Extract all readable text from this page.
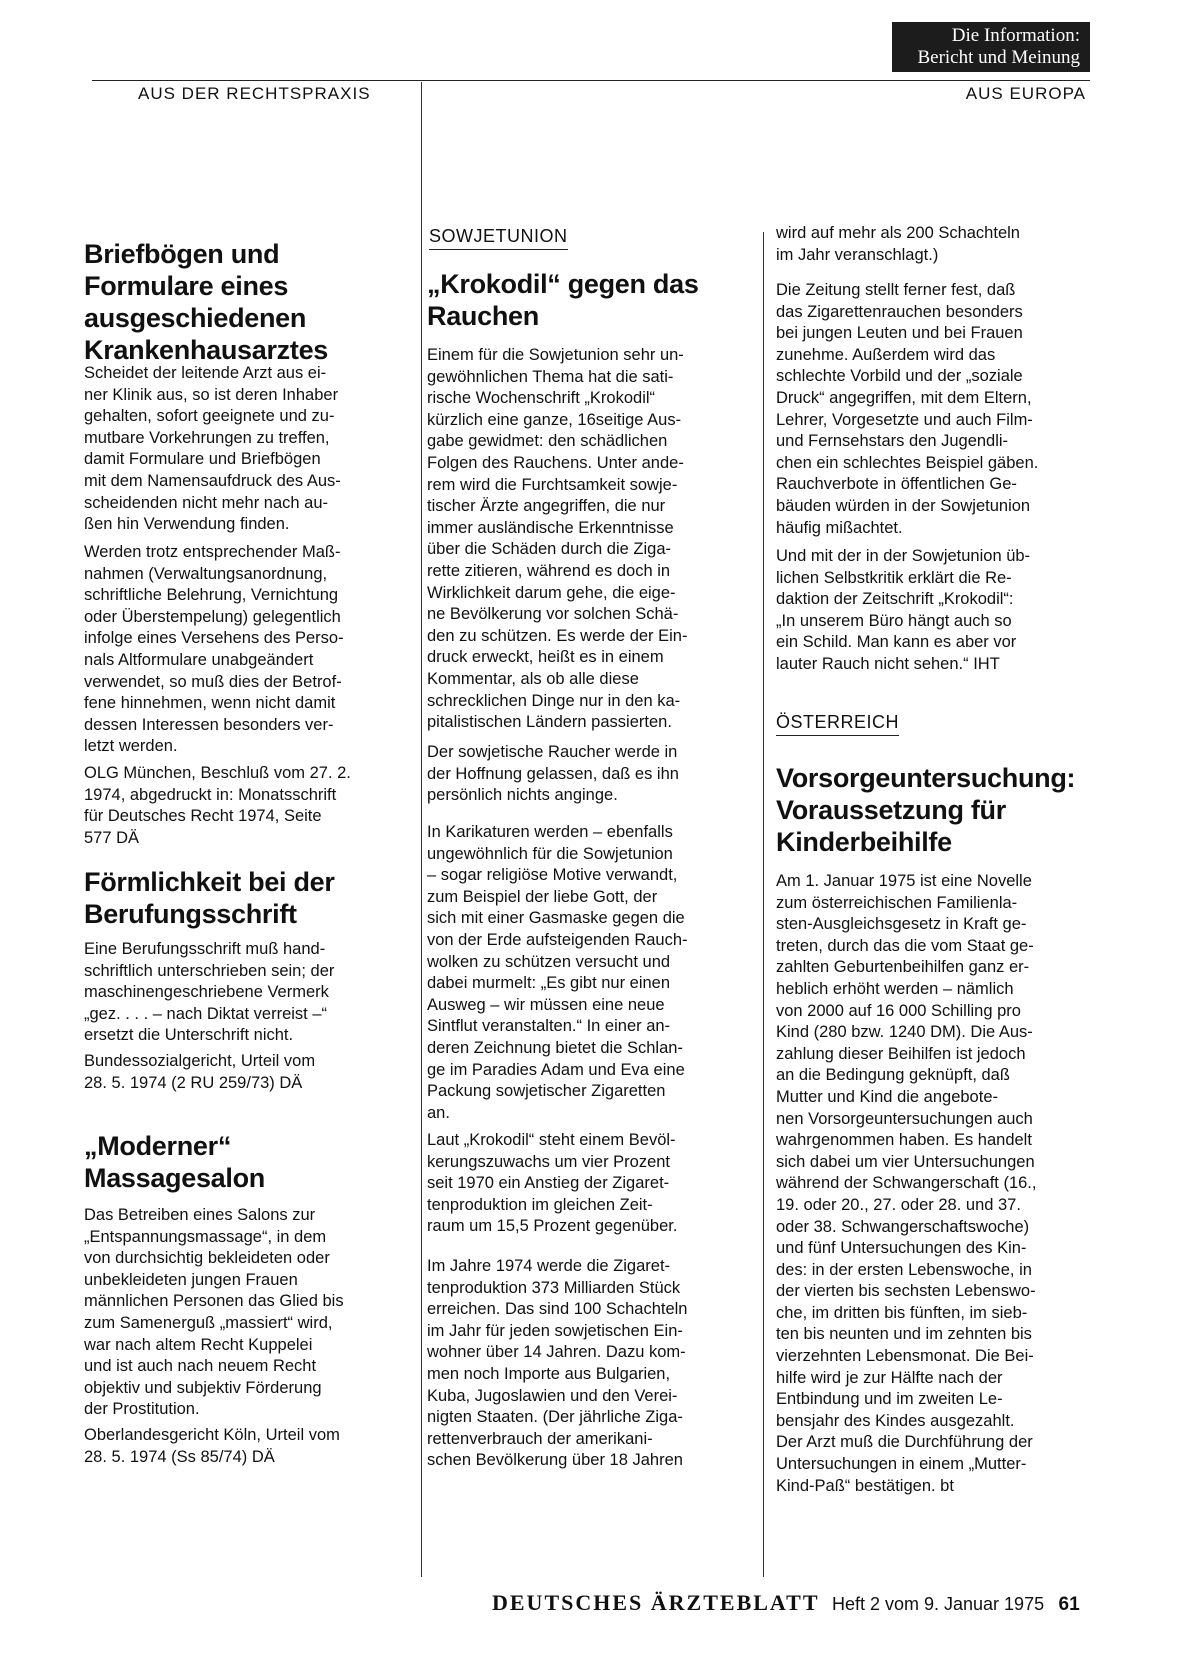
Die Information:
Bericht und Meinung
AUS DER RECHTSPRAXIS	AUS EUROPA
Briefbögen und Formulare eines ausgeschiedenen Krankenhausarztes

Scheidet der leitende Arzt aus ei-
ner Klinik aus, so ist deren Inhaber
gehalten, sofort geeignete und zu-
mutbare Vorkehrungen zu treffen,
damit Formulare und Briefbögen
mit dem Namensaufdruck des Aus-
scheidenden nicht mehr nach au-
ßen hin Verwendung finden.

Werden trotz entsprechender Maß-
nahmen (Verwaltungsanordnung,
schriftliche Belehrung, Vernichtung
oder Überstempelung) gelegentlich
infolge eines Versehens des Perso-
nals Altformulare unabgeändert
verwendet, so muß dies der Betrof-
fene hinnehmen, wenn nicht damit
dessen Interessen besonders ver-
letzt werden.

OLG München, Beschluß vom 27. 2.
1974, abgedruckt in: Monatsschrift
für Deutsches Recht 1974, Seite
577 DÄ

Förmlichkeit bei der Berufungsschrift

Eine Berufungsschrift muß hand-
schriftlich unterschrieben sein; der
maschinengeschriebene Vermerk
„gez. . . . – nach Diktat verreist –“
ersetzt die Unterschrift nicht.

Bundessozialgericht, Urteil vom
28. 5. 1974 (2 RU 259/73) DÄ

„Moderner“ Massagesalon

Das Betreiben eines Salons zur
„Entspannungsmassage“, in dem
von durchsichtig bekleideten oder
unbekleideten jungen Frauen
männlichen Personen das Glied bis
zum Samenerguß „massiert“ wird,
war nach altem Recht Kuppelei
und ist auch nach neuem Recht
objektiv und subjektiv Förderung
der Prostitution.

Oberlandesgericht Köln, Urteil vom
28. 5. 1974 (Ss 85/74) DÄ

SOWJETUNION
„Krokodil“ gegen das Rauchen

Einem für die Sowjetunion sehr un-
gewöhnlichen Thema hat die sati-
rische Wochenschrift „Krokodil“
kürzlich eine ganze, 16seitige Aus-
gabe gewidmet: den schädlichen
Folgen des Rauchens. Unter ande-
rem wird die Furchtsamkeit sowje-
tischer Ärzte angegriffen, die nur
immer ausländische Erkenntnisse
über die Schäden durch die Ziga-
rette zitieren, während es doch in
Wirklichkeit darum gehe, die eige-
ne Bevölkerung vor solchen Schä-
den zu schützen. Es werde der Ein-
druck erweckt, heißt es in einem
Kommentar, als ob alle diese
schrecklichen Dinge nur in den ka-
pitalistischen Ländern passierten.

Der sowjetische Raucher werde in
der Hoffnung gelassen, daß es ihn
persönlich nichts anginge.

In Karikaturen werden – ebenfalls
ungewöhnlich für die Sowjetunion
– sogar religiöse Motive verwandt,
zum Beispiel der liebe Gott, der
sich mit einer Gasmaske gegen die
von der Erde aufsteigenden Rauch-
wolken zu schützen versucht und
dabei murmelt: „Es gibt nur einen
Ausweg – wir müssen eine neue
Sintflut veranstalten.“ In einer an-
deren Zeichnung bietet die Schlan-
ge im Paradies Adam und Eva eine
Packung sowjetischer Zigaretten
an.

Laut „Krokodil“ steht einem Bevöl-
kerungszuwachs um vier Prozent
seit 1970 ein Anstieg der Zigaret-
tenproduktion im gleichen Zeit-
raum um 15,5 Prozent gegenüber.

Im Jahre 1974 werde die Zigaret-
tenproduktion 373 Milliarden Stück
erreichen. Das sind 100 Schachteln
im Jahr für jeden sowjetischen Ein-
wohner über 14 Jahren. Dazu kom-
men noch Importe aus Bulgarien,
Kuba, Jugoslawien und den Verei-
nigten Staaten. (Der jährliche Ziga-
rettenverbrauch der amerikani-
schen Bevölkerung über 18 Jahren

wird auf mehr als 200 Schachteln
im Jahr veranschlagt.)

Die Zeitung stellt ferner fest, daß
das Zigarettenrauchen besonders
bei jungen Leuten und bei Frauen
zunehme. Außerdem wird das
schlechte Vorbild und der „soziale
Druck“ angegriffen, mit dem Eltern,
Lehrer, Vorgesetzte und auch Film-
und Fernsehstars den Jugendli-
chen ein schlechtes Beispiel gäben.
Rauchverbote in öffentlichen Ge-
bäuden würden in der Sowjetunion
häufig mißachtet.

Und mit der in der Sowjetunion üb-
lichen Selbstkritik erklärt die Re-
daktion der Zeitschrift „Krokodil“:
„In unserem Büro hängt auch so
ein Schild. Man kann es aber vor
lauter Rauch nicht sehen.“ IHT

ÖSTERREICH
Vorsorgeuntersuchung: Voraussetzung für Kinderbeihilfe

Am 1. Januar 1975 ist eine Novelle
zum österreichischen Familienla-
sten-Ausgleichsgesetz in Kraft ge-
treten, durch das die vom Staat ge-
zahlten Geburtenbeihilfen ganz er-
heblich erhöht werden – nämlich
von 2000 auf 16 000 Schilling pro
Kind (280 bzw. 1240 DM). Die Aus-
zahlung dieser Beihilfen ist jedoch
an die Bedingung geknüpft, daß
Mutter und Kind die angebote-
nen Vorsorgeuntersuchungen auch
wahrgenommen haben. Es handelt
sich dabei um vier Untersuchungen
während der Schwangerschaft (16.,
19. oder 20., 27. oder 28. und 37.
oder 38. Schwangerschaftswoche)
und fünf Untersuchungen des Kin-
des: in der ersten Lebenswoche, in
der vierten bis sechsten Lebenswo-
che, im dritten bis fünften, im sieb-
ten bis neunten und im zehnten bis
vierzehnten Lebensmonat. Die Bei-
hilfe wird je zur Hälfte nach der
Entbindung und im zweiten Le-
bensjahr des Kindes ausgezahlt.
Der Arzt muß die Durchführung der
Untersuchungen in einem „Mutter-
Kind-Paß“ bestätigen. bt

DEUTSCHES ÄRZTEBLATT Heft 2 vom 9. Januar 1975 61
